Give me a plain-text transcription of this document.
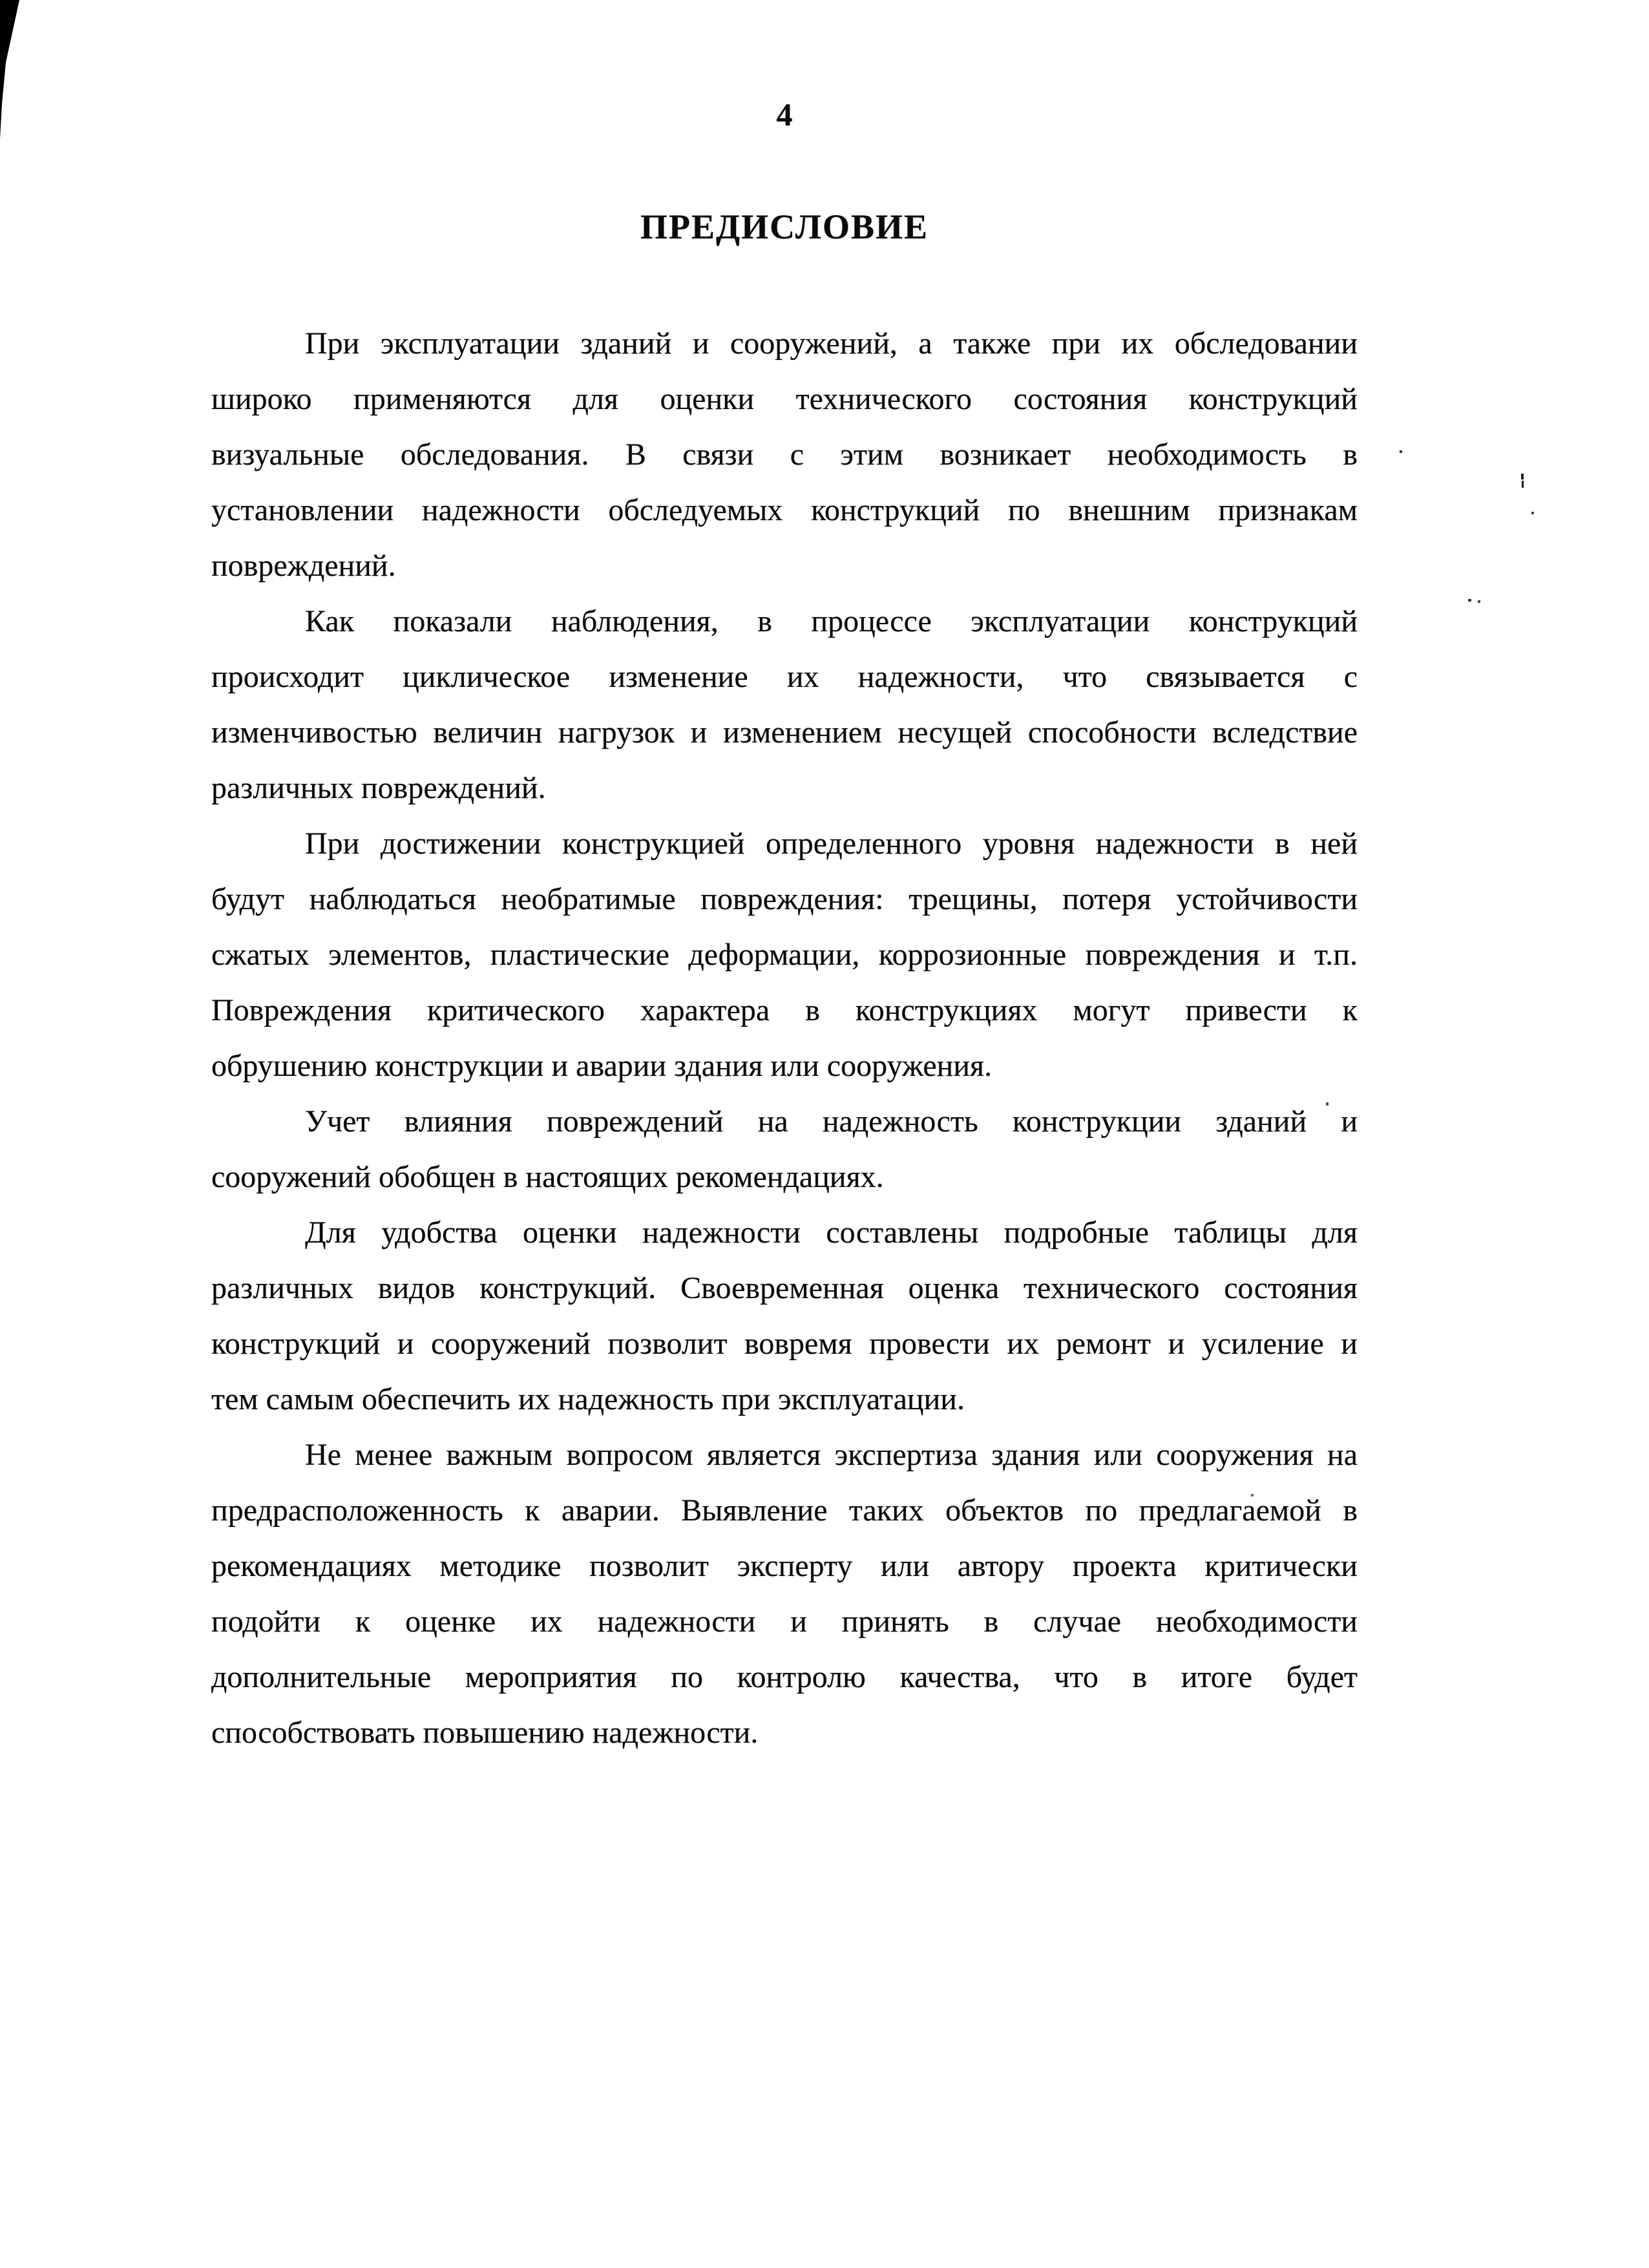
4
ПРЕДИСЛОВИЕ
При эксплуатации зданий и сооружений, а также при их обследовании
широко применяются для оценки технического состояния конструкций
визуальные обследования. В связи с этим возникает необходимость в
установлении надежности обследуемых конструкций по внешним признакам
повреждений.
Как показали наблюдения, в процессе эксплуатации конструкций
происходит циклическое изменение их надежности, что связывается с
изменчивостью величин нагрузок и изменением несущей способности вследствие
различных повреждений.
При достижении конструкцией определенного уровня надежности в ней
будут наблюдаться необратимые повреждения: трещины, потеря устойчивости
сжатых элементов, пластические деформации, коррозионные повреждения и т.п.
Повреждения критического характера в конструкциях могут привести к
обрушению конструкции и аварии здания или сооружения.
Учет влияния повреждений на надежность конструкции зданий и
сооружений обобщен в настоящих рекомендациях.
Для удобства оценки надежности составлены подробные таблицы для
различных видов конструкций. Своевременная оценка технического состояния
конструкций и сооружений позволит вовремя провести их ремонт и усиление и
тем самым обеспечить их надежность при эксплуатации.
Не менее важным вопросом является экспертиза здания или сооружения на
предрасположенность к аварии. Выявление таких объектов по предлагаемой в
рекомендациях методике позволит эксперту или автору проекта критически
подойти к оценке их надежности и принять в случае необходимости
дополнительные мероприятия по контролю качества, что в итоге будет
способствовать повышению надежности.
